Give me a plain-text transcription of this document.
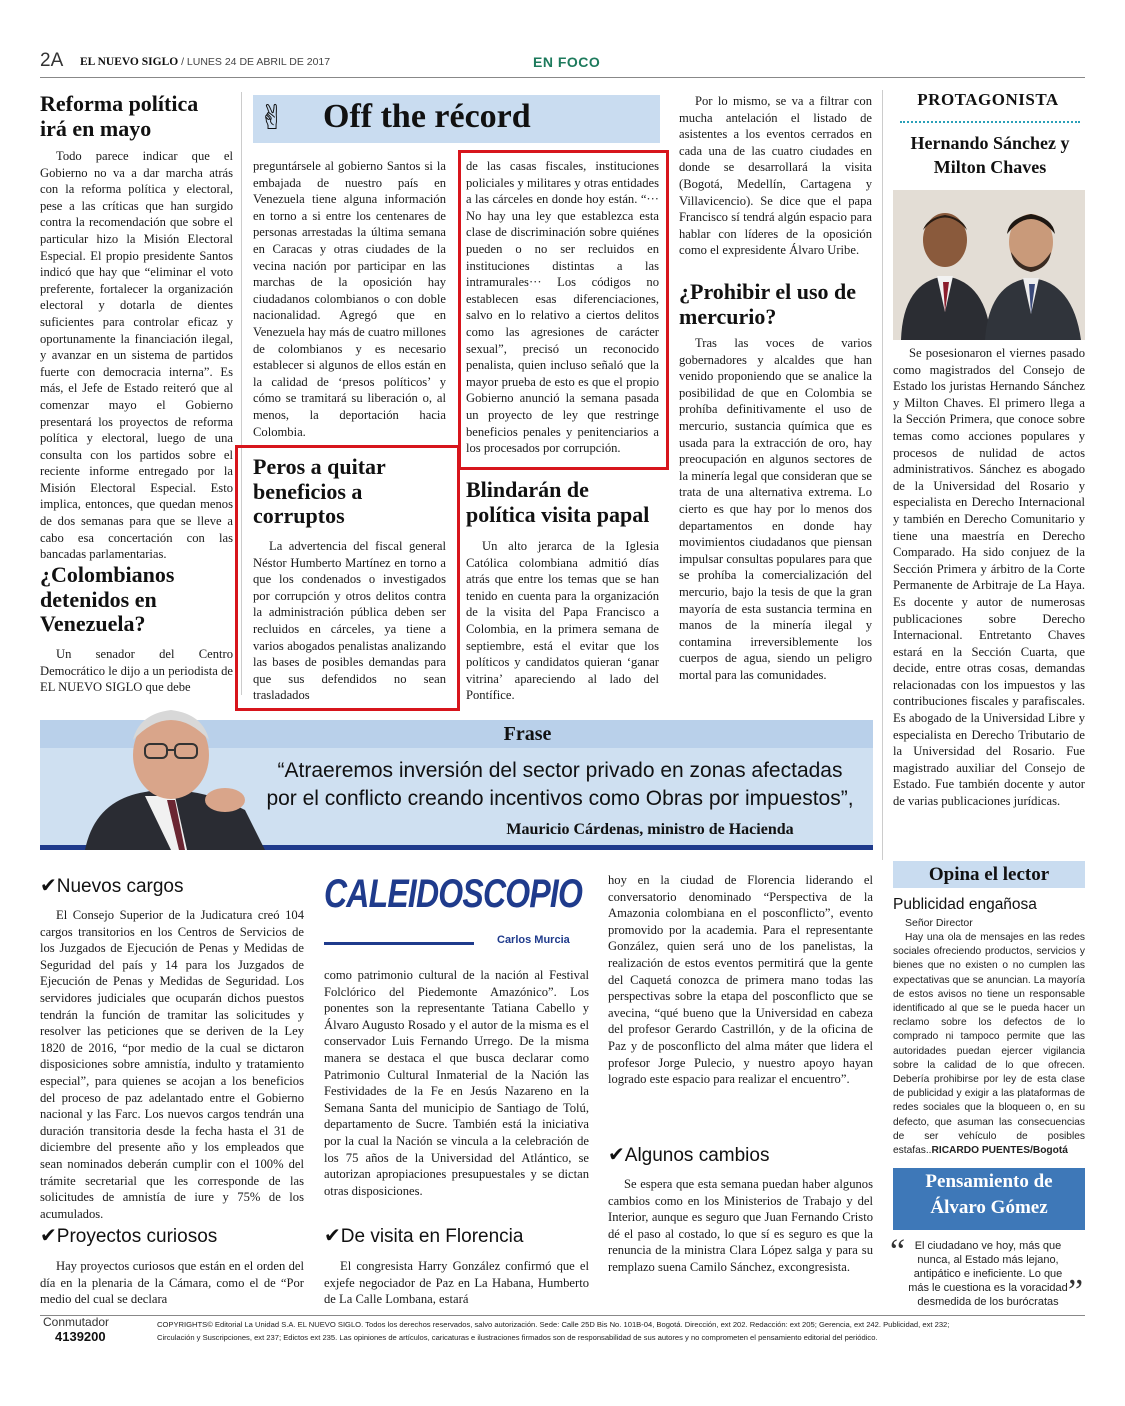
2A EL NUEVO SIGLO / LUNES 24 DE ABRIL DE 2017	EN FOCO
Reforma política irá en mayo

Todo parece indicar que el Gobierno no va a dar marcha atrás con la reforma política y electoral, pese a las críticas que han surgido contra la recomendación que sobre el particular hizo la Misión Electoral Especial. El propio presidente Santos indicó que hay que “eliminar el voto preferente, fortalecer la organización electoral y dotarla de dientes suficientes para controlar eficaz y oportunamente la financiación ilegal, y avanzar en un sistema de partidos fuerte con democracia interna”. Es más, el Jefe de Estado reiteró que al comenzar mayo el Gobierno presentará los proyectos de reforma política y electoral, luego de una consulta con los partidos sobre el reciente informe entregado por la Misión Electoral Especial. Esto implica, entonces, que quedan menos de dos semanas para que se lleve a cabo esa concertación con las bancadas parlamentarias.

¿Colombianos detenidos en Venezuela?

Un senador del Centro Democrático le dijo a un periodista de EL NUEVO SIGLO que debe

✌ Off the récord

preguntársele al gobierno Santos si la embajada de nuestro país en Venezuela tiene alguna información en torno a si entre los centenares de personas arrestadas la última semana en Caracas y otras ciudades de la vecina nación por participar en las marchas de la oposición hay ciudadanos colombianos o con doble nacionalidad. Agregó que en Venezuela hay más de cuatro millones de colombianos y es necesario establecer si algunos de ellos están en la calidad de ‘presos políticos’ y cómo se tramitará su liberación o, al menos, la deportación hacia Colombia.

Peros a quitar beneficios a corruptos

La advertencia del fiscal general Néstor Humberto Martínez en torno a que los condenados o investigados por corrupción y otros delitos contra la administración pública deben ser recluidos en cárceles, ya tiene a varios abogados penalistas analizando las bases de posibles demandas para que sus defendidos no sean trasladados

de las casas fiscales, instituciones policiales y militares y otras entidades a las cárceles en donde hoy están. “··· No hay una ley que establezca esta clase de discriminación sobre quiénes pueden o no ser recluidos en instituciones distintas a las intramurales··· Los códigos no establecen esas diferenciaciones, salvo en lo relativo a ciertos delitos como las agresiones de carácter sexual”, precisó un reconocido penalista, quien incluso señaló que la mayor prueba de esto es que el propio Gobierno anunció la semana pasada un proyecto de ley que restringe beneficios penales y penitenciarios a los procesados por corrupción.

Blindarán de política visita papal

Un alto jerarca de la Iglesia Católica colombiana admitió días atrás que entre los temas que se han tenido en cuenta para la organización de la visita del Papa Francisco a Colombia, en la primera semana de septiembre, está el evitar que los políticos y candidatos quieran ‘ganar vitrina’ apareciendo al lado del Pontífice.

Por lo mismo, se va a filtrar con mucha antelación el listado de asistentes a los eventos cerrados en cada una de las cuatro ciudades en donde se desarrollará la visita (Bogotá, Medellín, Cartagena y Villavicencio). Se dice que el papa Francisco sí tendrá algún espacio para hablar con líderes de la oposición como el expresidente Álvaro Uribe.

¿Prohibir el uso de mercurio?

Tras las voces de varios gobernadores y alcaldes que han venido proponiendo que se analice la posibilidad de que en Colombia se prohíba definitivamente el uso de mercurio, sustancia química que es usada para la extracción de oro, hay preocupación en algunos sectores de la minería legal que consideran que se trata de una alternativa extrema. Lo cierto es que hay por lo menos dos departamentos en donde hay movimientos ciudadanos que piensan impulsar consultas populares para que se prohíba la comercialización del mercurio, bajo la tesis de que la gran mayoría de esta sustancia termina en manos de la minería ilegal y contamina irreversiblemente los cuerpos de agua, siendo un peligro mortal para las comunidades.

PROTAGONISTA
Hernando Sánchez y Milton Chaves

Se posesionaron el viernes pasado como magistrados del Consejo de Estado los juristas Hernando Sánchez y Milton Chaves. El primero llega a la Sección Primera, que conoce sobre temas como acciones populares y procesos de nulidad de actos administrativos. Sánchez es abogado de la Universidad del Rosario y especialista en Derecho Internacional y también en Derecho Comunitario y tiene una maestría en Derecho Comparado. Ha sido conjuez de la Sección Primera y árbitro de la Corte Permanente de Arbitraje de La Haya. Es docente y autor de numerosas publicaciones sobre Derecho Internacional. Entretanto Chaves estará en la Sección Cuarta, que decide, entre otras cosas, demandas relacionadas con los impuestos y las contribuciones fiscales y parafiscales. Es abogado de la Universidad Libre y especialista en Derecho Tributario de la Universidad del Rosario. Fue magistrado auxiliar del Consejo de Estado. Fue también docente y autor de varias publicaciones jurídicas.

Frase
“Atraeremos inversión del sector privado en zonas afectadas
por el conflicto creando incentivos como Obras por impuestos”,
Mauricio Cárdenas, ministro de Hacienda
✔Nuevos cargos

El Consejo Superior de la Judicatura creó 104 cargos transitorios en los Centros de Servicios de los Juzgados de Ejecución de Penas y Medidas de Seguridad del país y 14 para los Juzgados de Ejecución de Penas y Medidas de Seguridad. Los servidores judiciales que ocuparán dichos puestos tendrán la función de tramitar las solicitudes y resolver las peticiones que se deriven de la Ley 1820 de 2016, “por medio de la cual se dictaron disposiciones sobre amnistía, indulto y tratamiento especial”, para quienes se acojan a los beneficios del proceso de paz adelantado entre el Gobierno nacional y las Farc. Los nuevos cargos tendrán una duración transitoria desde la fecha hasta el 31 de diciembre del presente año y los empleados que sean nominados deberán cumplir con el 100% del trámite secretarial que les corresponde de las solicitudes de amnistía de iure y 75% de los acumulados.

✔Proyectos curiosos

Hay proyectos curiosos que están en el orden del día en la plenaria de la Cámara, como el de “Por medio del cual se declara

CALEIDOSCOPIO
Carlos Murcia

como patrimonio cultural de la nación al Festival Folclórico del Piedemonte Amazónico”. Los ponentes son la representante Tatiana Cabello y Álvaro Augusto Rosado y el autor de la misma es el conservador Luis Fernando Urrego. De la misma manera se destaca el que busca declarar como Patrimonio Cultural Inmaterial de la Nación las Festividades de la Fe en Jesús Nazareno en la Semana Santa del municipio de Santiago de Tolú, departamento de Sucre. También está la iniciativa por la cual la Nación se vincula a la celebración de los 75 años de la Universidad del Atlántico, se autorizan apropiaciones presupuestales y se dictan otras disposiciones.

✔De visita en Florencia

El congresista Harry González confirmó que el exjefe negociador de Paz en La Habana, Humberto de La Calle Lombana, estará

hoy en la ciudad de Florencia liderando el conversatorio denominado “Perspectiva de la Amazonia colombiana en el posconflicto”, evento promovido por la academia. Para el representante González, quien será uno de los panelistas, la realización de estos eventos permitirá que la gente del Caquetá conozca de primera mano todas las perspectivas sobre la etapa del posconflicto que se avecina, “qué bueno que la Universidad en cabeza del profesor Gerardo Castrillón, y de la oficina de Paz y de posconflicto del alma máter que lidera el profesor Jorge Pulecio, y nuestro apoyo hayan logrado este espacio para realizar el encuentro”.

✔Algunos cambios

Se espera que esta semana puedan haber algunos cambios como en los Ministerios de Trabajo y del Interior, aunque es seguro que Juan Fernando Cristo dé el paso al costado, lo que sí es seguro es que la renuncia de la ministra Clara López salga y para su remplazo suena Camilo Sánchez, excongresista.

Opina el lector
Publicidad engañosa
Señor Director
Hay una ola de mensajes en las redes sociales ofreciendo productos, servicios y bienes que no existen o no cumplen las expectativas que se anuncian. La mayoría de estos avisos no tiene un responsable identificado al que se le pueda hacer un reclamo sobre los defectos de lo comprado ni tampoco permite que las autoridades puedan ejercer vigilancia sobre la calidad de lo que ofrecen. Debería prohibirse por ley de esta clase de publicidad y exigir a las plataformas de redes sociales que la bloqueen o, en su defecto, que asuman las consecuencias de ser vehículo de posibles estafas..RICARDO PUENTES/Bogotá
Pensamiento de
Álvaro Gómez
“ El ciudadano ve hoy, más que nunca, al Estado más lejano, antipático e ineficiente. Lo que más le cuestiona es la voracidad desmedida de los burócratas ”
Conmutador
4139200
COPYRIGHTS© Editorial La Unidad S.A. EL NUEVO SIGLO. Todos los derechos reservados, salvo autorización. Sede: Calle 25D Bis No. 101B-04, Bogotá. Dirección, ext 202. Redacción: ext 205; Gerencia, ext 242. Publicidad, ext 232;
Circulación y Suscripciones, ext 237; Edictos ext 235. Las opiniones de artículos, caricaturas e ilustraciones firmados son de responsabilidad de sus autores y no comprometen el pensamiento editorial del periódico.
